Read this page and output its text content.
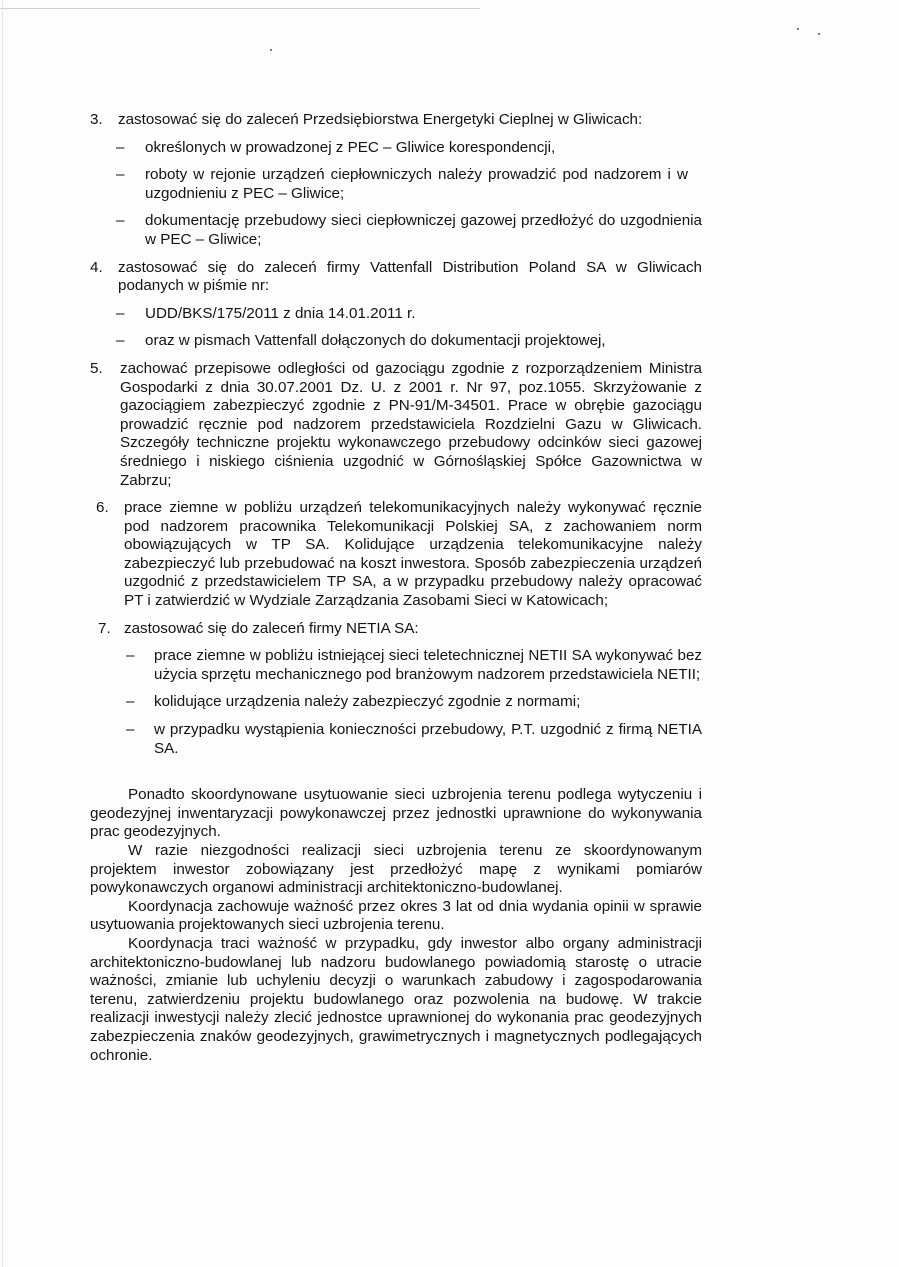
3. zastosować się do zaleceń Przedsiębiorstwa Energetyki Cieplnej w Gliwicach:
– określonych w prowadzonej z PEC – Gliwice korespondencji,
– roboty w rejonie urządzeń ciepłowniczych należy prowadzić pod nadzorem i w uzgodnieniu z PEC – Gliwice;
– dokumentację przebudowy sieci ciepłowniczej gazowej przedłożyć do uzgodnienia w PEC – Gliwice;
4. zastosować się do zaleceń firmy Vattenfall Distribution Poland SA w Gliwicach podanych w piśmie nr:
– UDD/BKS/175/2011 z dnia 14.01.2011 r.
– oraz w pismach Vattenfall dołączonych do dokumentacji projektowej,
5. zachować przepisowe odległości od gazociągu zgodnie z rozporządzeniem Ministra Gospodarki z dnia 30.07.2001 Dz. U. z 2001 r. Nr 97, poz.1055. Skrzyżowanie z gazociągiem zabezpieczyć zgodnie z PN-91/M-34501. Prace w obrębie gazociągu prowadzić ręcznie pod nadzorem przedstawiciela Rozdzielni Gazu w Gliwicach. Szczegóły techniczne projektu wykonawczego przebudowy odcinków sieci gazowej średniego i niskiego ciśnienia uzgodnić w Górnośląskiej Spółce Gazownictwa w Zabrzu;
6. prace ziemne w pobliżu urządzeń telekomunikacyjnych należy wykonywać ręcznie pod nadzorem pracownika Telekomunikacji Polskiej SA, z zachowaniem norm obowiązujących w TP SA. Kolidujące urządzenia telekomunikacyjne należy zabezpieczyć lub przebudować na koszt inwestora. Sposób zabezpieczenia urządzeń uzgodnić z przedstawicielem TP SA, a w przypadku przebudowy należy opracować PT i zatwierdzić w Wydziale Zarządzania Zasobami Sieci w Katowicach;
7. zastosować się do zaleceń firmy NETIA SA:
– prace ziemne w pobliżu istniejącej sieci teletechnicznej NETII SA wykonywać bez użycia sprzętu mechanicznego pod branżowym nadzorem przedstawiciela NETII;
– kolidujące urządzenia należy zabezpieczyć zgodnie z normami;
– w przypadku wystąpienia konieczności przebudowy, P.T. uzgodnić z firmą NETIA SA.

Ponadto skoordynowane usytuowanie sieci uzbrojenia terenu podlega wytyczeniu i geodezyjnej inwentaryzacji powykonawczej przez jednostki uprawnione do wykonywania prac geodezyjnych.

W razie niezgodności realizacji sieci uzbrojenia terenu ze skoordynowanym projektem inwestor zobowiązany jest przedłożyć mapę z wynikami pomiarów powykonawczych organowi administracji architektoniczno-budowlanej.

Koordynacja zachowuje ważność przez okres 3 lat od dnia wydania opinii w sprawie usytuowania projektowanych sieci uzbrojenia terenu.

Koordynacja traci ważność w przypadku, gdy inwestor albo organy administracji architektoniczno-budowlanej lub nadzoru budowlanego powiadomią starostę o utracie ważności, zmianie lub uchyleniu decyzji o warunkach zabudowy i zagospodarowania terenu, zatwierdzeniu projektu budowlanego oraz pozwolenia na budowę. W trakcie realizacji inwestycji należy zlecić jednostce uprawnionej do wykonania prac geodezyjnych zabezpieczenia znaków geodezyjnych, grawimetrycznych i magnetycznych podlegających ochronie.
